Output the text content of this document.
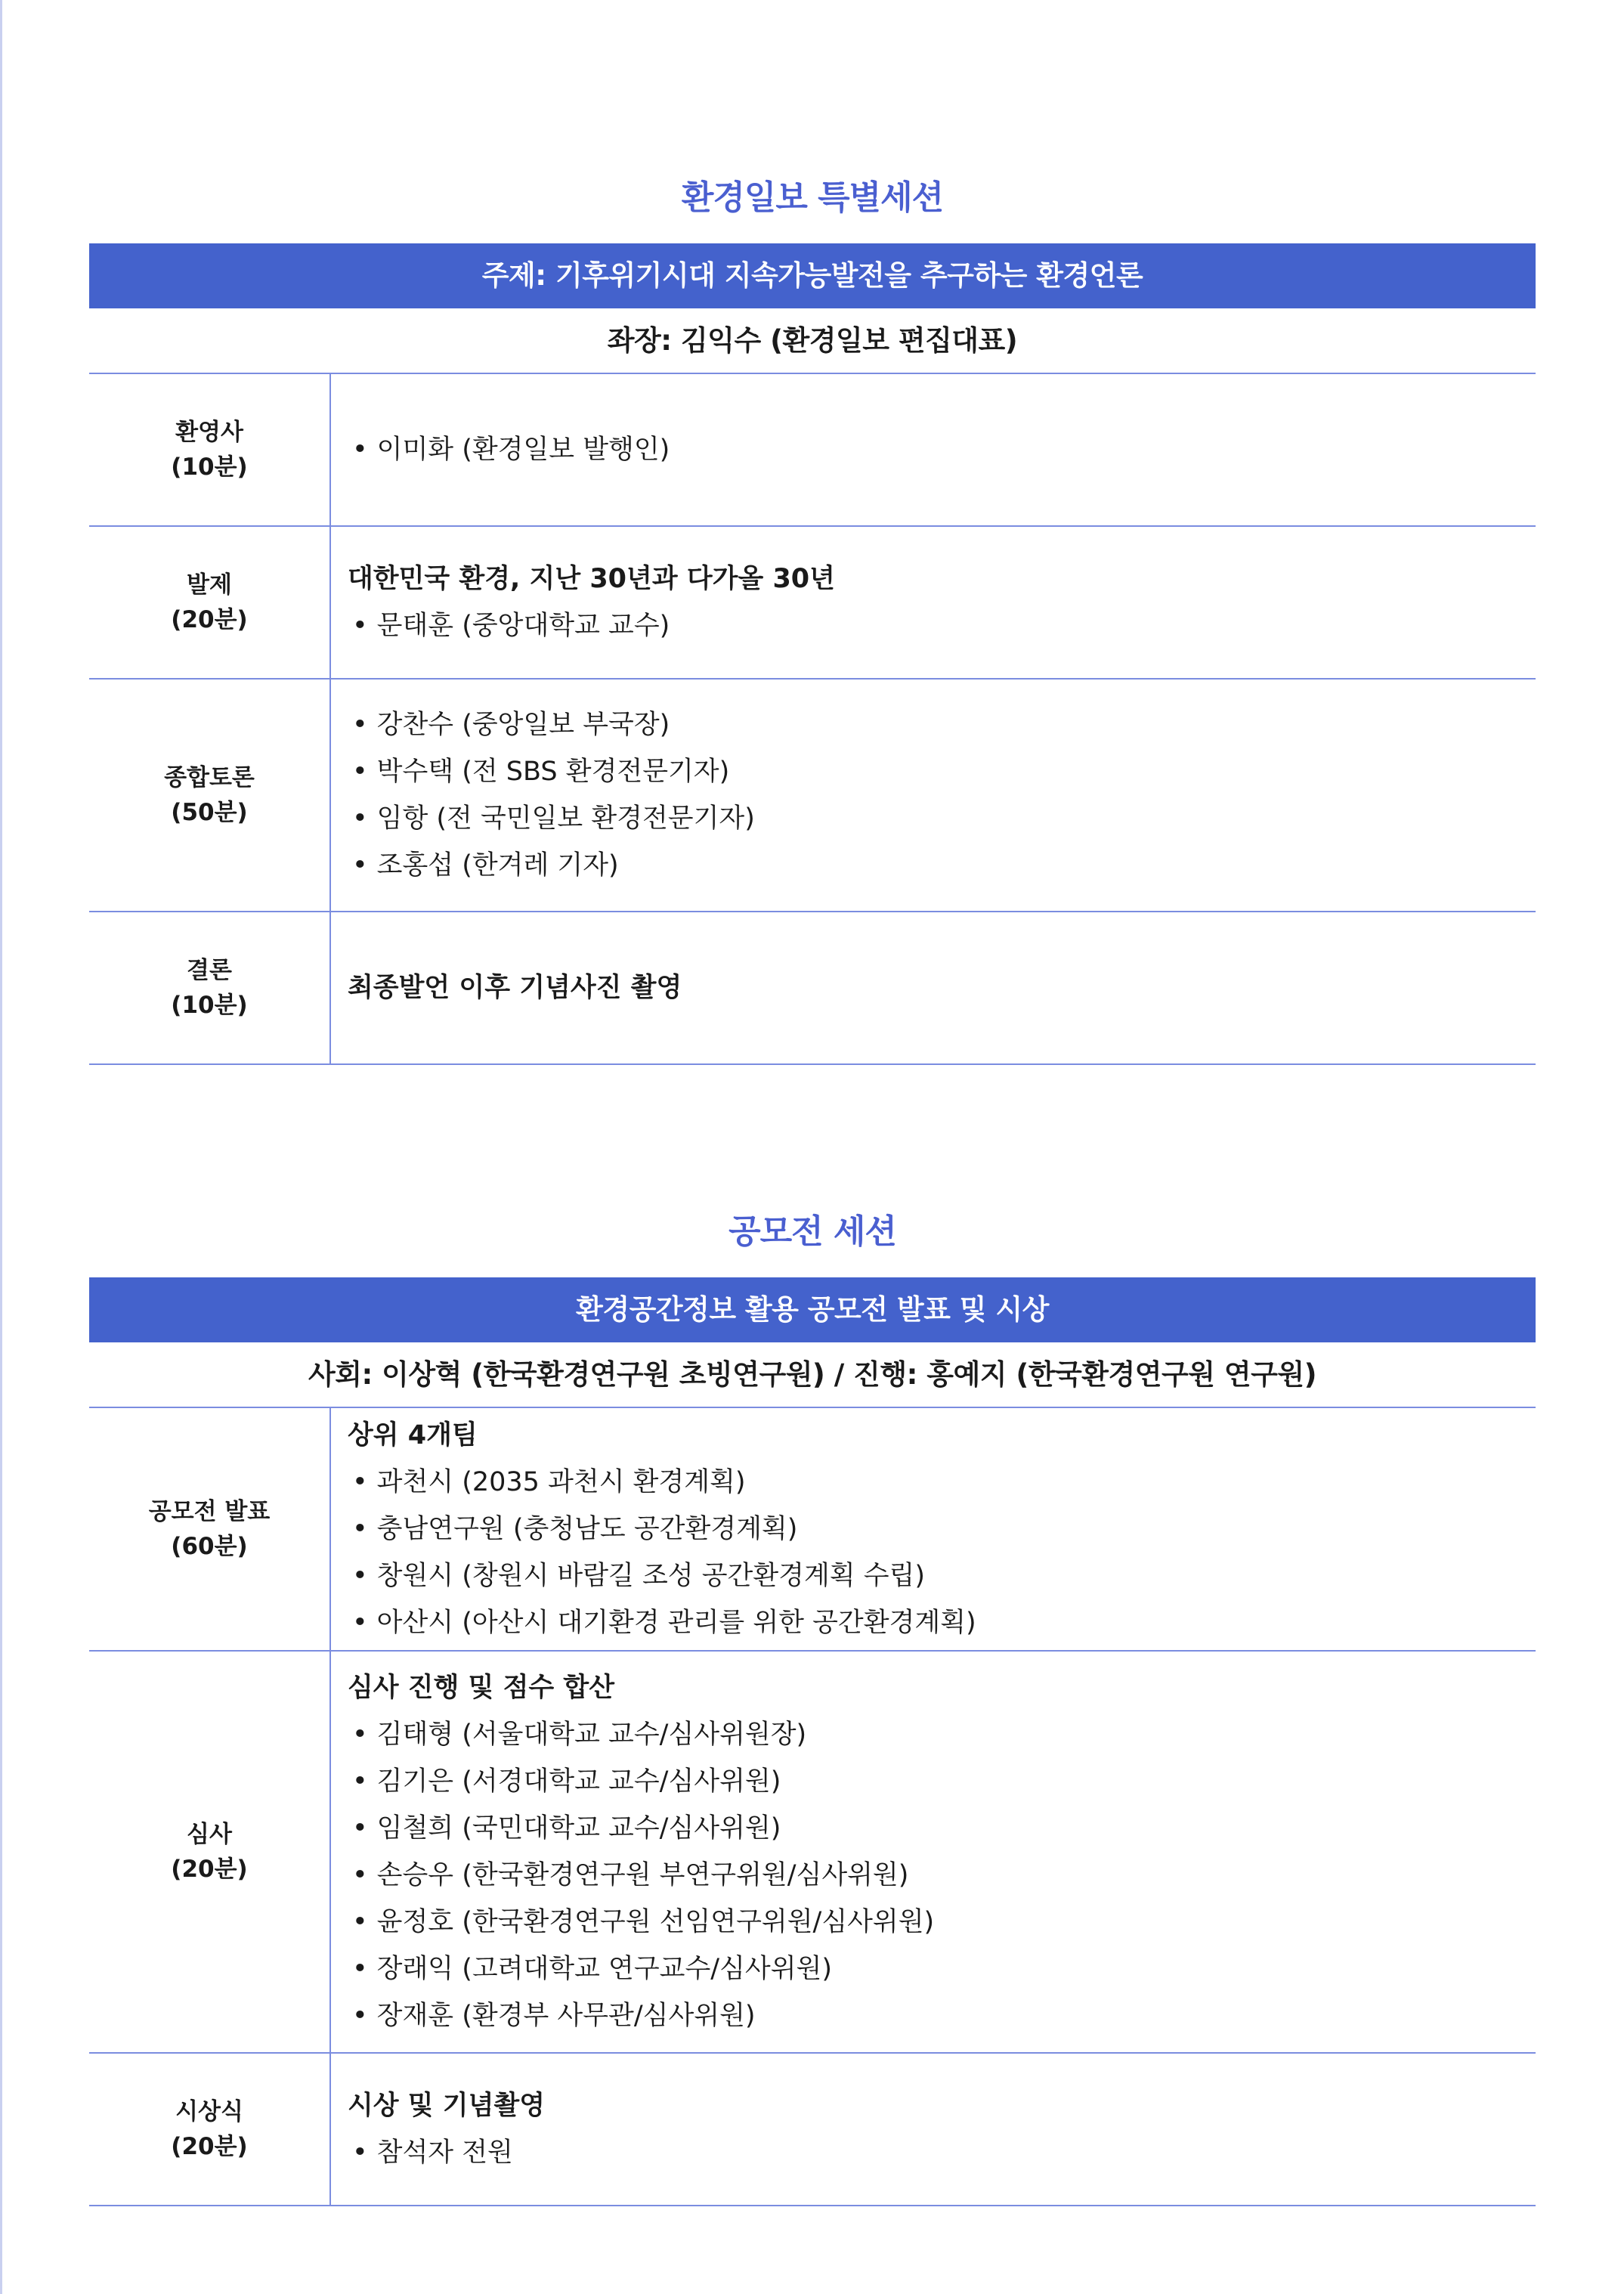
환경일보 특별세션
주제: 기후위기시대 지속가능발전을 추구하는 환경언론
좌장: 김익수 (환경일보 편집대표)
환영사
(10분)
• 이미화 (환경일보 발행인)
발제
(20분)
대한민국 환경, 지난 30년과 다가올 30년
• 문태훈 (중앙대학교 교수)
종합토론
(50분)
• 강찬수 (중앙일보 부국장)
• 박수택 (전 SBS 환경전문기자)
• 임항 (전 국민일보 환경전문기자)
• 조홍섭 (한겨레 기자)
결론
(10분)
최종발언 이후 기념사진 촬영
공모전 세션
환경공간정보 활용 공모전 발표 및 시상
사회: 이상혁 (한국환경연구원 초빙연구원) / 진행: 홍예지 (한국환경연구원 연구원)
공모전 발표
(60분)
상위 4개팀
• 과천시 (2035 과천시 환경계획)
• 충남연구원 (충청남도 공간환경계획)
• 창원시 (창원시 바람길 조성 공간환경계획 수립)
• 아산시 (아산시 대기환경 관리를 위한 공간환경계획)
심사
(20분)
심사 진행 및 점수 합산
• 김태형 (서울대학교 교수/심사위원장)
• 김기은 (서경대학교 교수/심사위원)
• 임철희 (국민대학교 교수/심사위원)
• 손승우 (한국환경연구원 부연구위원/심사위원)
• 윤정호 (한국환경연구원 선임연구위원/심사위원)
• 장래익 (고려대학교 연구교수/심사위원)
• 장재훈 (환경부 사무관/심사위원)
시상식
(20분)
시상 및 기념촬영
• 참석자 전원
